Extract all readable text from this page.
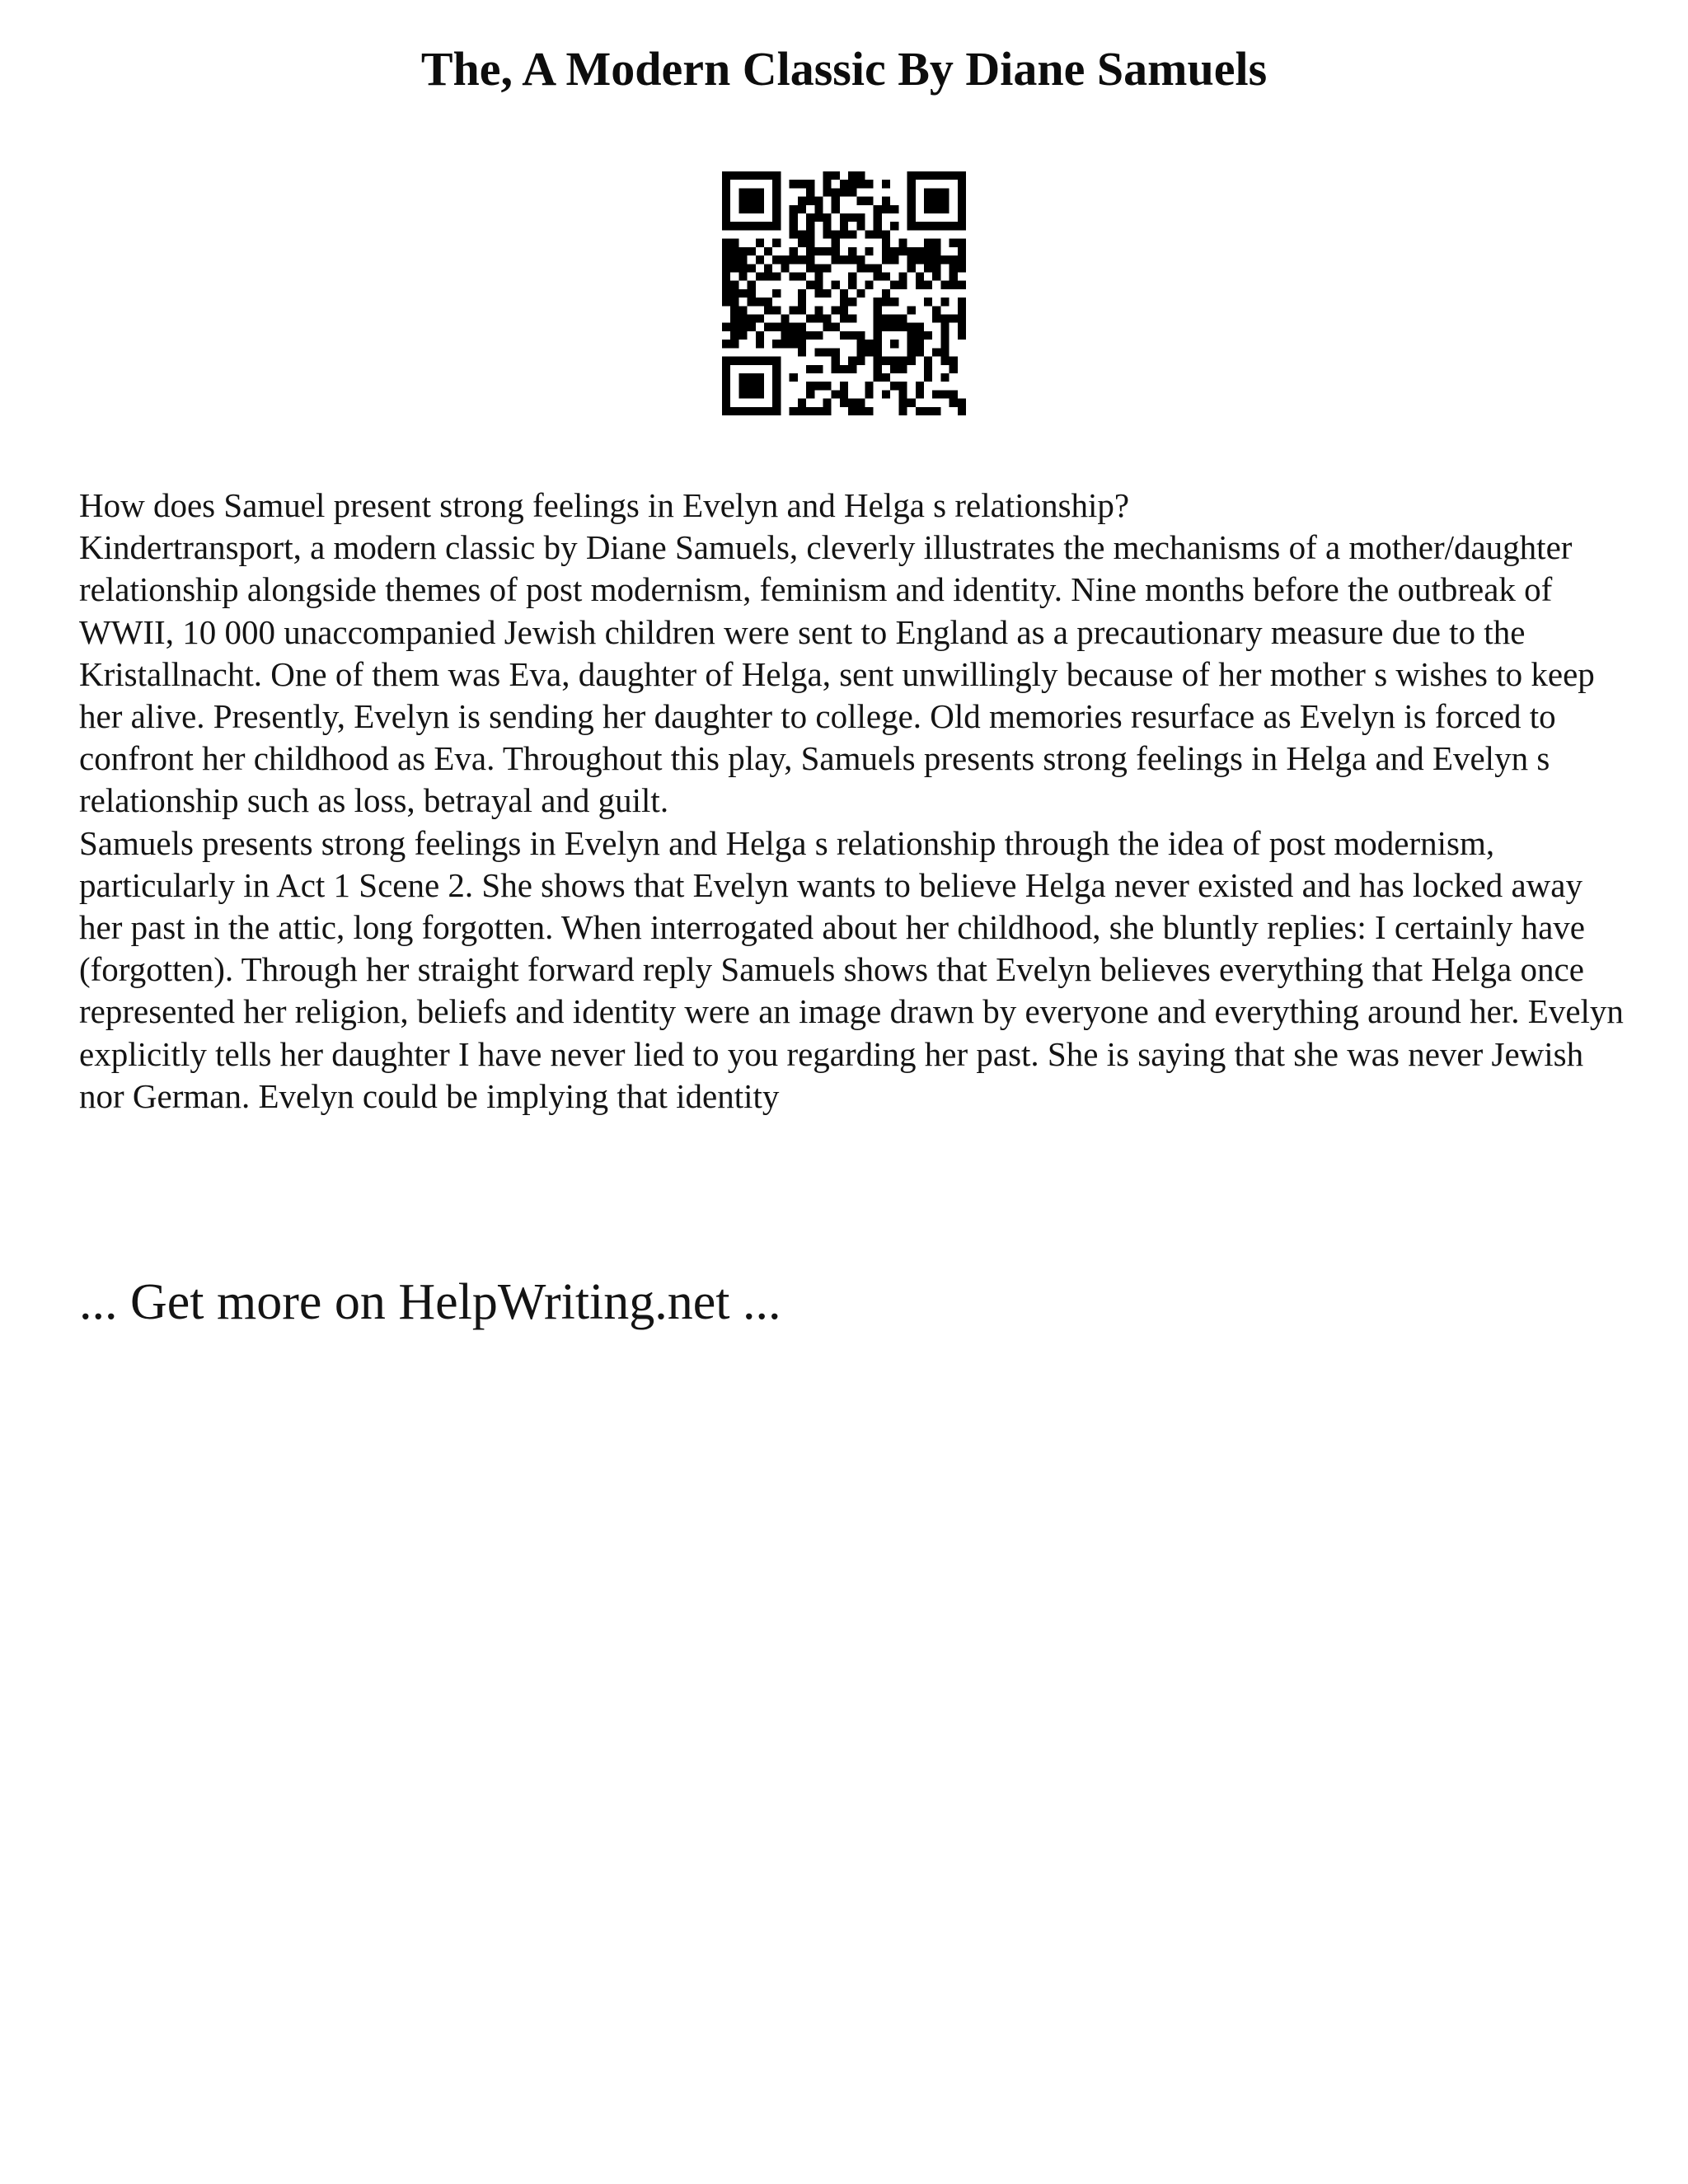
The, A Modern Classic By Diane Samuels

How does Samuel present strong feelings in Evelyn and Helga s relationship?

Kindertransport, a modern classic by Diane Samuels, cleverly illustrates the mechanisms of a mother/daughter relationship alongside themes of post modernism, feminism and identity. Nine months before the outbreak of WWII, 10 000 unaccompanied Jewish children were sent to England as a precautionary measure due to the Kristallnacht. One of them was Eva, daughter of Helga, sent unwillingly because of her mother s wishes to keep her alive. Presently, Evelyn is sending her daughter to college. Old memories resurface as Evelyn is forced to confront her childhood as Eva. Throughout this play, Samuels presents strong feelings in Helga and Evelyn s relationship such as loss, betrayal and guilt.

Samuels presents strong feelings in Evelyn and Helga s relationship through the idea of post modernism, particularly in Act 1 Scene 2. She shows that Evelyn wants to believe Helga never existed and has locked away her past in the attic, long forgotten. When interrogated about her childhood, she bluntly replies: I certainly have (forgotten). Through her straight forward reply Samuels shows that Evelyn believes everything that Helga once represented her religion, beliefs and identity were an image drawn by everyone and everything around her. Evelyn explicitly tells her daughter I have never lied to you regarding her past. She is saying that she was never Jewish nor German. Evelyn could be implying that identity

... Get more on HelpWriting.net ...
